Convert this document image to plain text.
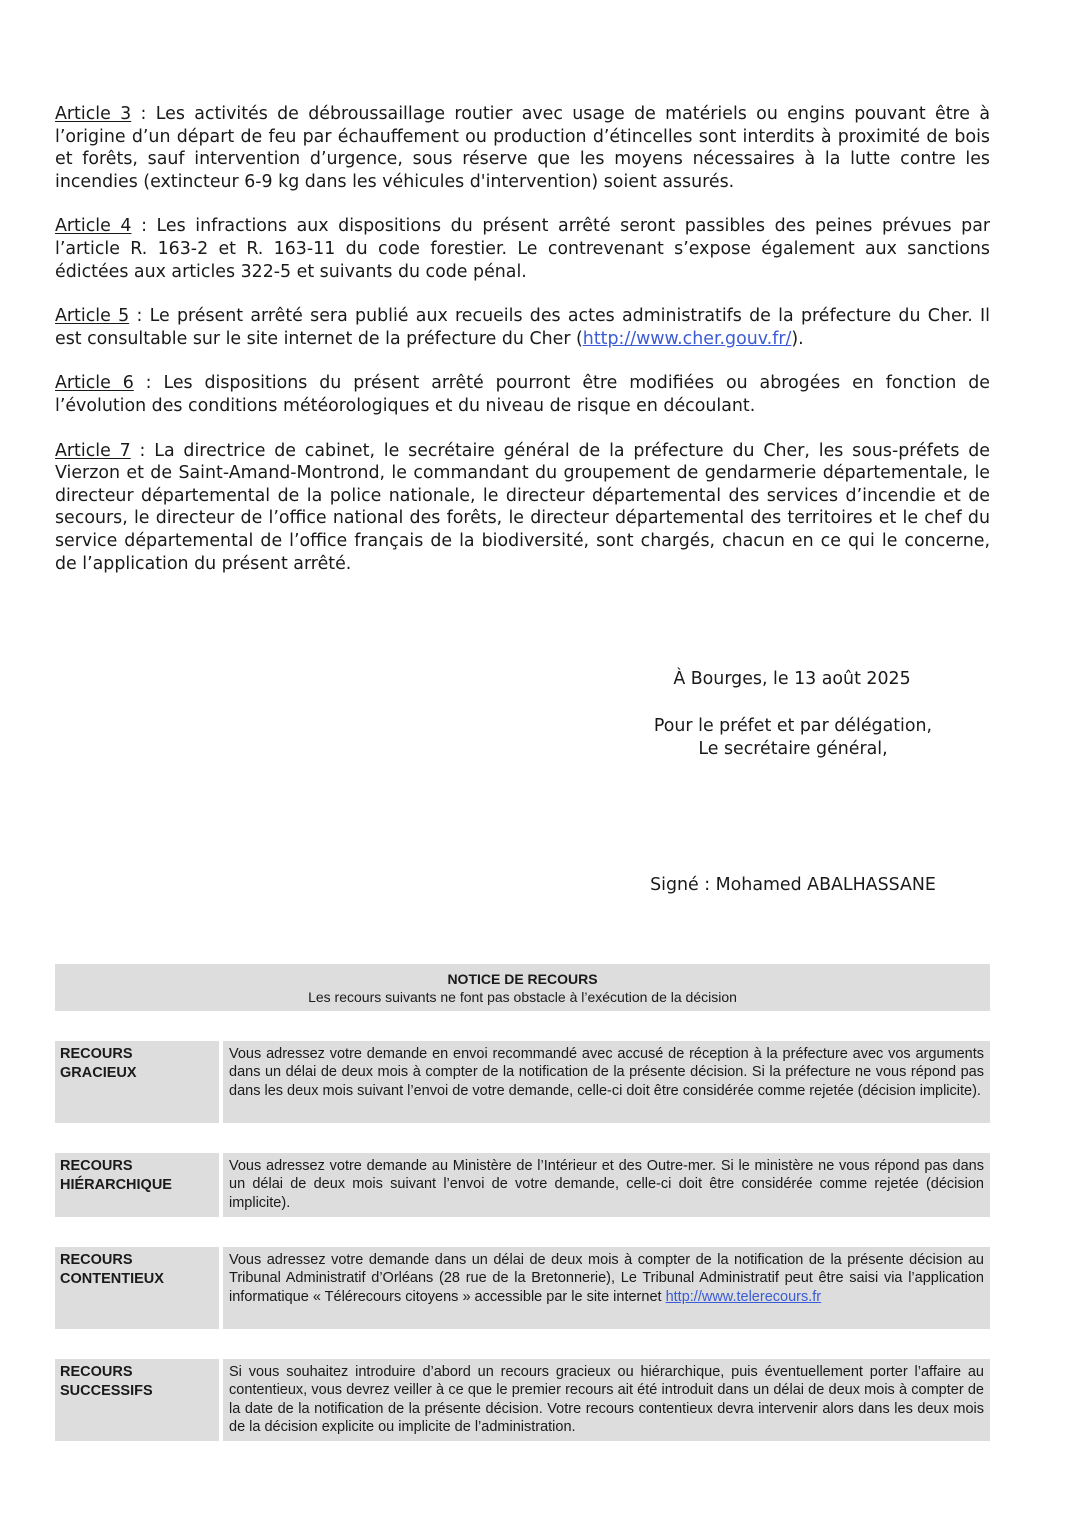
Article 3 : Les activités de débroussaillage routier avec usage de matériels ou engins pouvant être à l’origine d’un départ de feu par échauffement ou production d’étincelles sont interdits à proximité de bois et forêts, sauf intervention d’urgence, sous réserve que les moyens nécessaires à la lutte contre les incendies (extincteur 6-9 kg dans les véhicules d'intervention) soient assurés.

Article 4 : Les infractions aux dispositions du présent arrêté seront passibles des peines prévues par l’article R. 163-2 et R. 163-11 du code forestier. Le contrevenant s’expose également aux sanctions édictées aux articles 322-5 et suivants du code pénal.

Article 5 : Le présent arrêté sera publié aux recueils des actes administratifs de la préfecture du Cher. Il est consultable sur le site internet de la préfecture du Cher (http://www.cher.gouv.fr/).

Article 6 : Les dispositions du présent arrêté pourront être modifiées ou abrogées en fonction de l’évolution des conditions météorologiques et du niveau de risque en découlant.

Article 7 : La directrice de cabinet, le secrétaire général de la préfecture du Cher, les sous-préfets de Vierzon et de Saint-Amand-Montrond, le commandant du groupement de gendarmerie départementale, le directeur départemental de la police nationale, le directeur départemental des services d’incendie et de secours, le directeur de l’office national des forêts, le directeur départemental des territoires et le chef du service départemental de l’office français de la biodiversité, sont chargés, chacun en ce qui le concerne, de l’application du présent arrêté.

À Bourges, le 13 août 2025
Pour le préfet et par délégation,
Le secrétaire général,
Signé : Mohamed ABALHASSANE
NOTICE DE RECOURS
Les recours suivants ne font pas obstacle à l’exécution de la décision
RECOURS
GRACIEUX
Vous adressez votre demande en envoi recommandé avec accusé de réception à la préfecture avec vos arguments dans un délai de deux mois à compter de la notification de la présente décision. Si la préfecture ne vous répond pas dans les deux mois suivant l’envoi de votre demande, celle-ci doit être considérée comme rejetée (décision implicite).
RECOURS
HIÉRARCHIQUE
Vous adressez votre demande au Ministère de l’Intérieur et des Outre-mer. Si le ministère ne vous répond pas dans un délai de deux mois suivant l’envoi de votre demande, celle-ci doit être considérée comme rejetée (décision implicite).
RECOURS
CONTENTIEUX
Vous adressez votre demande dans un délai de deux mois à compter de la notification de la présente décision au Tribunal Administratif d’Orléans (28 rue de la Bretonnerie), Le Tribunal Administratif peut être saisi via l’application informatique « Télérecours citoyens » accessible par le site internet http://www.telerecours.fr
RECOURS
SUCCESSIFS
Si vous souhaitez introduire d’abord un recours gracieux ou hiérarchique, puis éventuellement porter l’affaire au contentieux, vous devrez veiller à ce que le premier recours ait été introduit dans un délai de deux mois à compter de la date de la notification de la présente décision. Votre recours contentieux devra intervenir alors dans les deux mois de la décision explicite ou implicite de l’administration.
